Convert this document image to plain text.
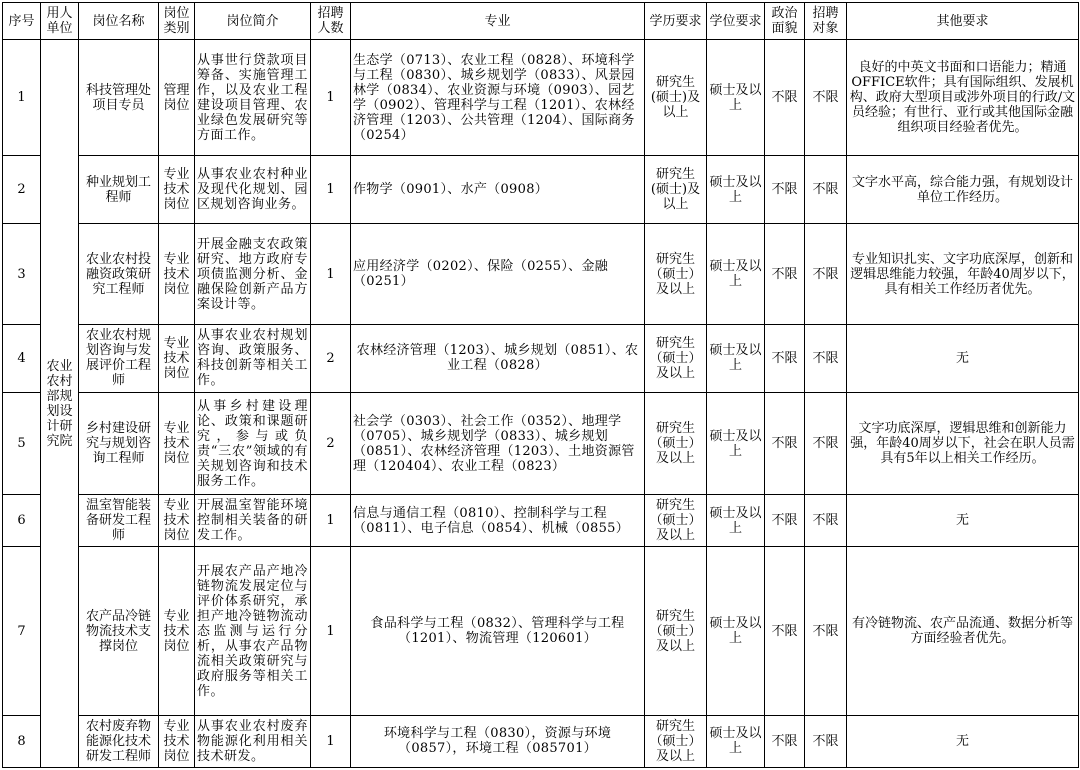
序号	用人单位	岗位名称	岗位类别	岗位简介	招聘人数	专业	学历要求	学位要求	政治面貌	招聘对象	其他要求
1	农业农村部规划设计研究院	科技管理处项目专员	管理岗位	从事世行贷款项目筹备、实施管理工作，以及农业工程建设项目管理、农业绿色发展研究等方面工作。	1	生态学（0713）、农业工程（0828）、环境科学与工程（0830）、城乡规划学（0833）、风景园林学（0834）、农业资源与环境（0903）、园艺学（0902）、管理科学与工程（1201）、农林经济管理（1203）、公共管理（1204）、国际商务（0254）	研究生(硕士)及以上	硕士及以上	不限	不限	良好的中英文书面和口语能力；精通OFFICE软件；具有国际组织、发展机构、政府大型项目或涉外项目的行政/文员经验；有世行、亚行或其他国际金融组织项目经验者优先。
2		种业规划工程师	专业技术岗位	从事农业农村种业及现代化规划、园区规划咨询业务。	1	作物学（0901）、水产（0908）	研究生(硕士)及以上	硕士及以上	不限	不限	文字水平高，综合能力强，有规划设计单位工作经历。
3		农业农村投融资政策研究工程师	专业技术岗位	开展金融支农政策研究、地方政府专项债监测分析、金融保险创新产品方案设计等。	1	应用经济学（0202）、保险（0255）、金融（0251）	研究生（硕士）及以上	硕士及以上	不限	不限	专业知识扎实、文字功底深厚，创新和逻辑思维能力较强，年龄40周岁以下，具有相关工作经历者优先。
4		农业农村规划咨询与发展评价工程师	专业技术岗位	从事农业农村规划咨询、政策服务、科技创新等相关工作。	2	农林经济管理（1203）、城乡规划（0851）、农业工程（0828）	研究生（硕士）及以上	硕士及以上	不限	不限	无
5		乡村建设研究与规划咨询工程师	专业技术岗位	从事乡村建设理论、政策和课题研究，参与或负责“三农”领域的有关规划咨询和技术服务工作。	2	社会学（0303）、社会工作（0352）、地理学（0705）、城乡规划学（0833）、城乡规划（0851）、农林经济管理（1203）、土地资源管理（120404）、农业工程（0823）	研究生（硕士）及以上	硕士及以上	不限	不限	文字功底深厚，逻辑思维和创新能力强，年龄40周岁以下，社会在职人员需具有5年以上相关工作经历。
6		温室智能装备研发工程师	专业技术岗位	开展温室智能环境控制相关装备的研发工作。	1	信息与通信工程（0810）、控制科学与工程（0811）、电子信息（0854）、机械（0855）	研究生（硕士）及以上	硕士及以上	不限	不限	无
7		农产品冷链物流技术支撑岗位	专业技术岗位	开展农产品产地冷链物流发展定位与评价体系研究，承担产地冷链物流动态监测与运行分析，从事农产品物流相关政策研究与政府服务等相关工作。	1	食品科学与工程（0832）、管理科学与工程（1201）、物流管理（120601）	研究生（硕士）及以上	硕士及以上	不限	不限	有冷链物流、农产品流通、数据分析等方面经验者优先。
8		农村废弃物能源化技术研发工程师	专业技术岗位	从事农业农村废弃物能源化利用相关技术研发。	1	环境科学与工程（0830），资源与环境（0857），环境工程（085701）	研究生（硕士）及以上	硕士及以上	不限	不限	无
